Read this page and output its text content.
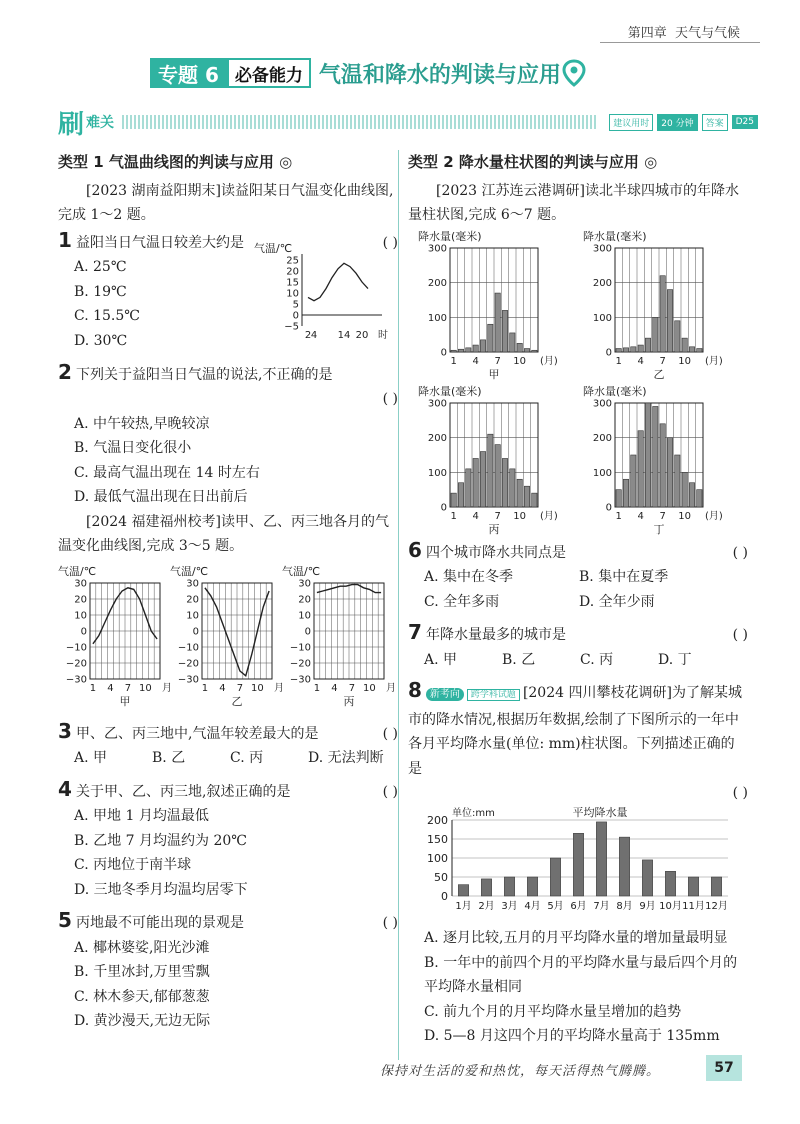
第四章 天气与气候
专题 6 必备能力 气温和降水的判读与应用
刷 难关	建议用时	20 分钟	答案	D25
类型 1 气温曲线图的判读与应用 ◎
[2023 湖南益阳期末]读益阳某日气温变化曲线图,完成 1～2 题。
1 益阳当日气温日较差大约是	( )
A. 25℃
B. 19℃
C. 15.5℃
D. 30℃
气温/℃
25
20
15
10
5
0
−5
2 4 14 20 时
2 下列关于益阳当日气温的说法,不正确的是
( )
A. 中午较热,早晚较凉
B. 气温日变化很小
C. 最高气温出现在 14 时左右
D. 最低气温出现在日出前后
[2024 福建福州校考]读甲、乙、丙三地各月的气温变化曲线图,完成 3～5 题。
气温/℃
30
20
10
0
−10
−20
−30
1 4 7 10 月
甲
气温/℃
30
20
10
0
−10
−20
−30
1 4 7 10 月
乙
气温/℃
30
20
10
0
−10
−20
−30
1 4 7 10 月
丙
3 甲、乙、丙三地中,气温年较差最大的是	( )
A. 甲	B. 乙	C. 丙	D. 无法判断
4 关于甲、乙、丙三地,叙述正确的是	( )
A. 甲地 1 月均温最低
B. 乙地 7 月均温约为 20℃
C. 丙地位于南半球
D. 三地冬季月均温均居零下
5 丙地最不可能出现的景观是	( )
A. 椰林婆娑,阳光沙滩
B. 千里冰封,万里雪飘
C. 林木参天,郁郁葱葱
D. 黄沙漫天,无边无际
类型 2 降水量柱状图的判读与应用 ◎
[2023 江苏连云港调研]读北半球四城市的年降水量柱状图,完成 6～7 题。
降水量(毫米)
300
200
100
0
1 4 7 10 (月)
甲
降水量(毫米)
300
200
100
0
1 4 7 10 (月)
乙
降水量(毫米)
300
200
100
0
1 4 7 10 (月)
丙
降水量(毫米)
300
200
100
0
1 4 7 10 (月)
丁
6 四个城市降水共同点是	( )
A. 集中在冬季	B. 集中在夏季
C. 全年多雨	D. 全年少雨
7 年降水量最多的城市是	( )
A. 甲	B. 乙	C. 丙	D. 丁
8 新考向 跨学科试题 [2024 四川攀枝花调研]为了解某城市的降水情况,根据历年数据,绘制了下图所示的一年中各月平均降水量(单位: mm)柱状图。下列描述正确的是
( )
单位:mm	平均降水量
200
150
100
50
0
1月 2月 3月 4月 5月 6月 7月 8月 9月 10月 11月 12月
A. 逐月比较,五月的月平均降水量的增加量最明显
B. 一年中的前四个月的平均降水量与最后四个月的平均降水量相同
C. 前九个月的月平均降水量呈增加的趋势
D. 5—8 月这四个月的平均降水量高于 135mm
保持对生活的爱和热忱，每天活得热气腾腾。	57
